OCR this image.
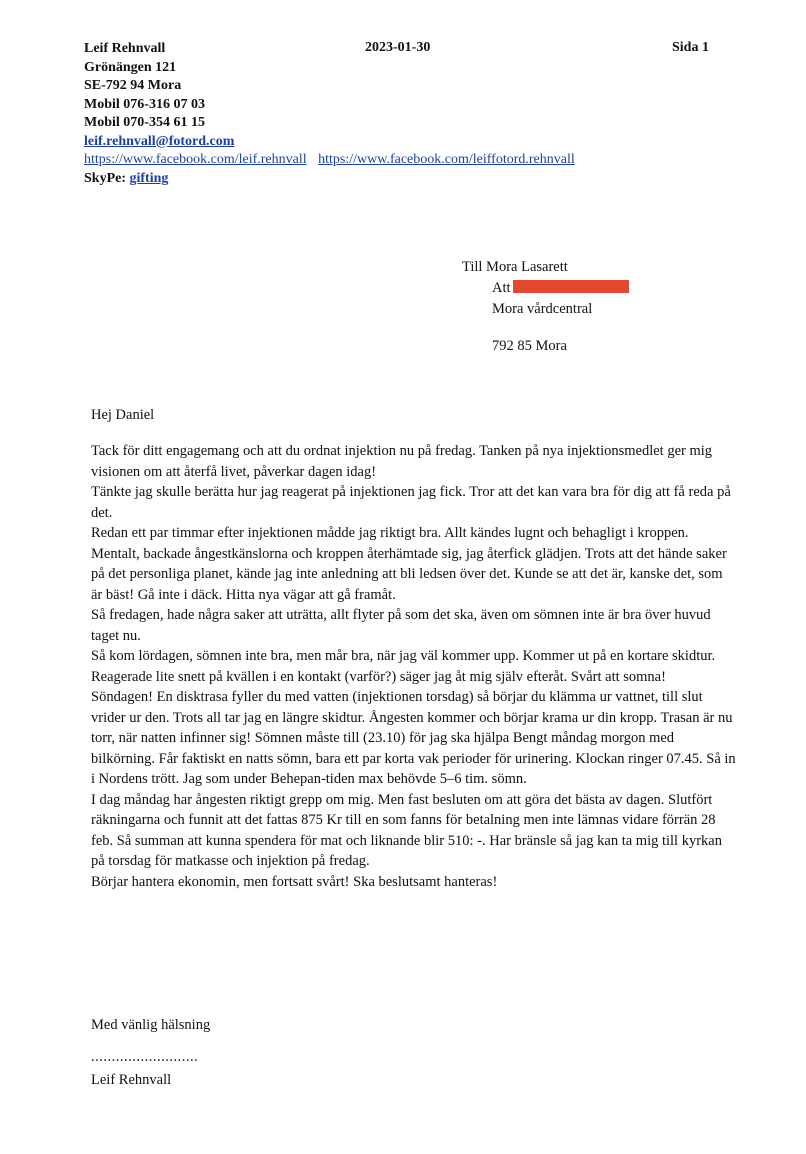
Leif Rehnvall
Grönängen 121
SE-792 94 Mora
Mobil 076-316 07 03
Mobil 070-354 61 15
leif.rehnvall@fotord.com
https://www.facebook.com/leif.rehnvall https://www.facebook.com/leiffotord.rehnvall
SkyPe: gifting
2023-01-30	Sida 1
Till Mora Lasarett
Att
Mora vårdcentral
792 85 Mora
Hej Daniel

Tack för ditt engagemang och att du ordnat injektion nu på fredag. Tanken på nya injektionsmedlet ger mig visionen om att återfå livet, påverkar dagen idag!

Tänkte jag skulle berätta hur jag reagerat på injektionen jag fick. Tror att det kan vara bra för dig att få reda på det.

Redan ett par timmar efter injektionen mådde jag riktigt bra. Allt kändes lugnt och behagligt i kroppen. Mentalt, backade ångestkänslorna och kroppen återhämtade sig, jag återfick glädjen. Trots att det hände saker på det personliga planet, kände jag inte anledning att bli ledsen över det. Kunde se att det är, kanske det, som är bäst! Gå inte i däck. Hitta nya vägar att gå framåt.

Så fredagen, hade några saker att uträtta, allt flyter på som det ska, även om sömnen inte är bra över huvud taget nu.

Så kom lördagen, sömnen inte bra, men mår bra, när jag väl kommer upp. Kommer ut på en kortare skidtur. Reagerade lite snett på kvällen i en kontakt (varför?) säger jag åt mig själv efteråt. Svårt att somna!

Söndagen! En disktrasa fyller du med vatten (injektionen torsdag) så börjar du klämma ur vattnet, till slut vrider ur den. Trots all tar jag en längre skidtur. Ångesten kommer och börjar krama ur din kropp. Trasan är nu torr, när natten infinner sig! Sömnen måste till (23.10) för jag ska hjälpa Bengt måndag morgon med bilkörning. Får faktiskt en natts sömn, bara ett par korta vak perioder för urinering. Klockan ringer 07.45. Så in i Nordens trött. Jag som under Behepan-tiden max behövde 5–6 tim. sömn.

I dag måndag har ångesten riktigt grepp om mig. Men fast besluten om att göra det bästa av dagen. Slutfört räkningarna och funnit att det fattas 875 Kr till en som fanns för betalning men inte lämnas vidare förrän 28 feb. Så summan att kunna spendera för mat och liknande blir 510: -. Har bränsle så jag kan ta mig till kyrkan på torsdag för matkasse och injektion på fredag.

Börjar hantera ekonomin, men fortsatt svårt! Ska beslutsamt hanteras!

Med vänlig hälsning
..........................
Leif Rehnvall
